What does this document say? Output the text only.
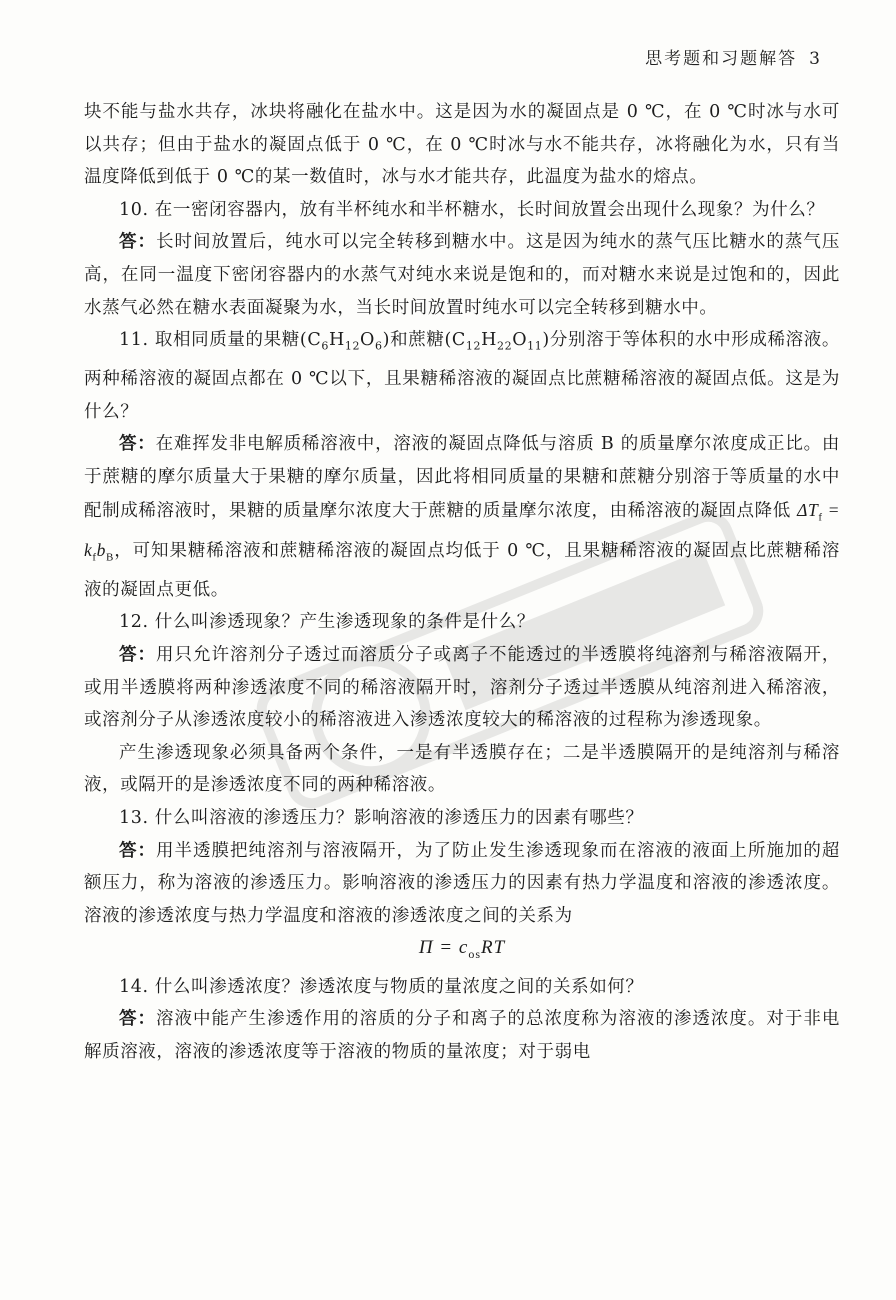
思考题和习题解答 3

块不能与盐水共存，冰块将融化在盐水中。这是因为水的凝固点是 0 ℃，在 0 ℃时冰与水可以共存；但由于盐水的凝固点低于 0 ℃，在 0 ℃时冰与水不能共存，冰将融化为水，只有当温度降低到低于 0 ℃的某一数值时，冰与水才能共存，此温度为盐水的熔点。

10. 在一密闭容器内，放有半杯纯水和半杯糖水，长时间放置会出现什么现象？为什么？

答：长时间放置后，纯水可以完全转移到糖水中。这是因为纯水的蒸气压比糖水的蒸气压高，在同一温度下密闭容器内的水蒸气对纯水来说是饱和的，而对糖水来说是过饱和的，因此水蒸气必然在糖水表面凝聚为水，当长时间放置时纯水可以完全转移到糖水中。

11. 取相同质量的果糖$(C_6H_{12}O_6)$和蔗糖$(C_{12}H_{22}O_{11})$分别溶于等体积的水中形成稀溶液。两种稀溶液的凝固点都在 0 ℃以下，且果糖稀溶液的凝固点比蔗糖稀溶液的凝固点低。这是为什么？

答：在难挥发非电解质稀溶液中，溶液的凝固点降低与溶质 B 的质量摩尔浓度成正比。由于蔗糖的摩尔质量大于果糖的摩尔质量，因此将相同质量的果糖和蔗糖分别溶于等质量的水中配制成稀溶液时，果糖的质量摩尔浓度大于蔗糖的质量摩尔浓度，由稀溶液的凝固点降低 $\Delta T_f = k_fb_B$，可知果糖稀溶液和蔗糖稀溶液的凝固点均低于 0 ℃，且果糖稀溶液的凝固点比蔗糖稀溶液的凝固点更低。

12. 什么叫渗透现象？产生渗透现象的条件是什么？

答：用只允许溶剂分子透过而溶质分子或离子不能透过的半透膜将纯溶剂与稀溶液隔开，或用半透膜将两种渗透浓度不同的稀溶液隔开时，溶剂分子透过半透膜从纯溶剂进入稀溶液，或溶剂分子从渗透浓度较小的稀溶液进入渗透浓度较大的稀溶液的过程称为渗透现象。

产生渗透现象必须具备两个条件，一是有半透膜存在；二是半透膜隔开的是纯溶剂与稀溶液，或隔开的是渗透浓度不同的两种稀溶液。

13. 什么叫溶液的渗透压力？影响溶液的渗透压力的因素有哪些？

答：用半透膜把纯溶剂与溶液隔开，为了防止发生渗透现象而在溶液的液面上所施加的超额压力，称为溶液的渗透压力。影响溶液的渗透压力的因素有热力学温度和溶液的渗透浓度。溶液的渗透浓度与热力学温度和溶液的渗透浓度之间的关系为

$\Pi = c_{os}RT$

14. 什么叫渗透浓度？渗透浓度与物质的量浓度之间的关系如何？

答：溶液中能产生渗透作用的溶质的分子和离子的总浓度称为溶液的渗透浓度。对于非电解质溶液，溶液的渗透浓度等于溶液的物质的量浓度；对于弱电
